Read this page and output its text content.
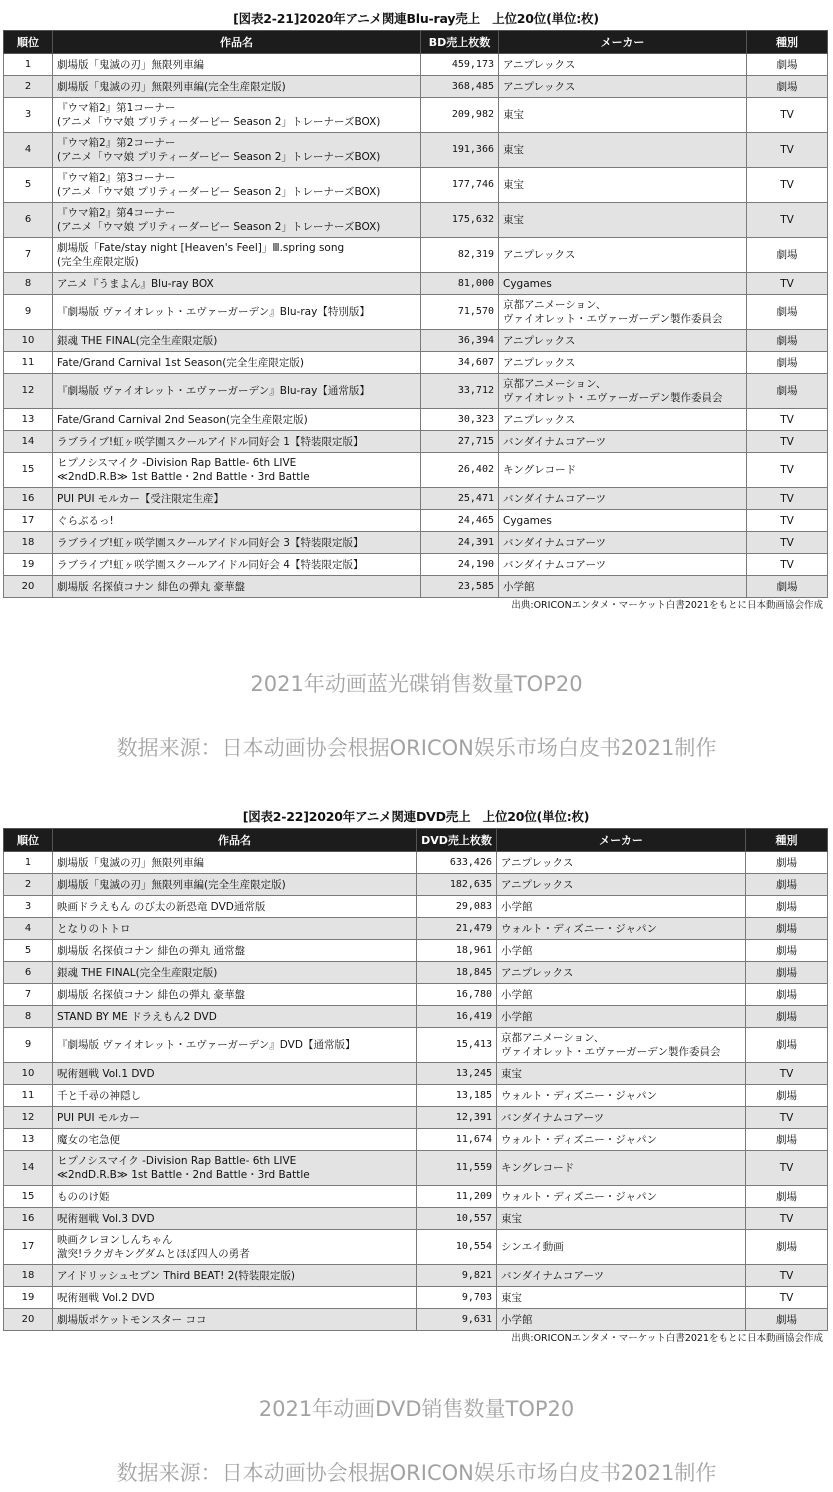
[図表2-21]2020年アニメ関連Blu-ray売上　上位20位(単位:枚)
順位	作品名	BD売上枚数	メーカー	種別
1	劇場版「鬼滅の刃」無限列車編	459,173	アニプレックス	劇場
2	劇場版「鬼滅の刃」無限列車編(完全生産限定版)	368,485	アニプレックス	劇場
3	『ウマ箱2』第1コーナー
(アニメ「ウマ娘 プリティーダービー Season 2」トレーナーズBOX)	209,982	東宝	TV
4	『ウマ箱2』第2コーナー
(アニメ「ウマ娘 プリティーダービー Season 2」トレーナーズBOX)	191,366	東宝	TV
5	『ウマ箱2』第3コーナー
(アニメ「ウマ娘 プリティーダービー Season 2」トレーナーズBOX)	177,746	東宝	TV
6	『ウマ箱2』第4コーナー
(アニメ「ウマ娘 プリティーダービー Season 2」トレーナーズBOX)	175,632	東宝	TV
7	劇場版「Fate/stay night [Heaven's Feel]」Ⅲ.spring song
(完全生産限定版)	82,319	アニプレックス	劇場
8	アニメ『うまよん』Blu-ray BOX	81,000	Cygames	TV
9	『劇場版 ヴァイオレット・エヴァーガーデン』Blu-ray【特別版】	71,570	京都アニメーション、
ヴァイオレット・エヴァーガーデン製作委員会	劇場
10	銀魂 THE FINAL(完全生産限定版)	36,394	アニプレックス	劇場
11	Fate/Grand Carnival 1st Season(完全生産限定版)	34,607	アニプレックス	劇場
12	『劇場版 ヴァイオレット・エヴァーガーデン』Blu-ray【通常版】	33,712	京都アニメーション、
ヴァイオレット・エヴァーガーデン製作委員会	劇場
13	Fate/Grand Carnival 2nd Season(完全生産限定版)	30,323	アニプレックス	TV
14	ラブライブ!虹ヶ咲学園スクールアイドル同好会 1【特装限定版】	27,715	バンダイナムコアーツ	TV
15	ヒプノシスマイク -Division Rap Battle- 6th LIVE
≪2ndD.R.B≫ 1st Battle・2nd Battle・3rd Battle	26,402	キングレコード	TV
16	PUI PUI モルカー【受注限定生産】	25,471	バンダイナムコアーツ	TV
17	ぐらぶるっ!	24,465	Cygames	TV
18	ラブライブ!虹ヶ咲学園スクールアイドル同好会 3【特装限定版】	24,391	バンダイナムコアーツ	TV
19	ラブライブ!虹ヶ咲学園スクールアイドル同好会 4【特装限定版】	24,190	バンダイナムコアーツ	TV
20	劇場版 名探偵コナン 緋色の弾丸 豪華盤	23,585	小学館	劇場
出典:ORICONエンタメ・マーケット白書2021をもとに日本動画協会作成
2021年动画蓝光碟销售数量TOP20
数据来源：日本动画协会根据ORICON娱乐市场白皮书2021制作
[図表2-22]2020年アニメ関連DVD売上　上位20位(単位:枚)
順位	作品名	DVD売上枚数	メーカー	種別
1	劇場版「鬼滅の刃」無限列車編	633,426	アニプレックス	劇場
2	劇場版「鬼滅の刃」無限列車編(完全生産限定版)	182,635	アニプレックス	劇場
3	映画ドラえもん のび太の新恐竜 DVD通常版	29,083	小学館	劇場
4	となりのトトロ	21,479	ウォルト・ディズニー・ジャパン	劇場
5	劇場版 名探偵コナン 緋色の弾丸 通常盤	18,961	小学館	劇場
6	銀魂 THE FINAL(完全生産限定版)	18,845	アニプレックス	劇場
7	劇場版 名探偵コナン 緋色の弾丸 豪華盤	16,780	小学館	劇場
8	STAND BY ME ドラえもん2 DVD	16,419	小学館	劇場
9	『劇場版 ヴァイオレット・エヴァーガーデン』DVD【通常版】	15,413	京都アニメーション、
ヴァイオレット・エヴァーガーデン製作委員会	劇場
10	呪術廻戦 Vol.1 DVD	13,245	東宝	TV
11	千と千尋の神隠し	13,185	ウォルト・ディズニー・ジャパン	劇場
12	PUI PUI モルカー	12,391	バンダイナムコアーツ	TV
13	魔女の宅急便	11,674	ウォルト・ディズニー・ジャパン	劇場
14	ヒプノシスマイク -Division Rap Battle- 6th LIVE
≪2ndD.R.B≫ 1st Battle・2nd Battle・3rd Battle	11,559	キングレコード	TV
15	もののけ姫	11,209	ウォルト・ディズニー・ジャパン	劇場
16	呪術廻戦 Vol.3 DVD	10,557	東宝	TV
17	映画クレヨンしんちゃん
激突!ラクガキングダムとほぼ四人の勇者	10,554	シンエイ動画	劇場
18	アイドリッシュセブン Third BEAT! 2(特装限定版)	9,821	バンダイナムコアーツ	TV
19	呪術廻戦 Vol.2 DVD	9,703	東宝	TV
20	劇場版ポケットモンスター ココ	9,631	小学館	劇場
出典:ORICONエンタメ・マーケット白書2021をもとに日本動画協会作成
2021年动画DVD销售数量TOP20
数据来源：日本动画协会根据ORICON娱乐市场白皮书2021制作
